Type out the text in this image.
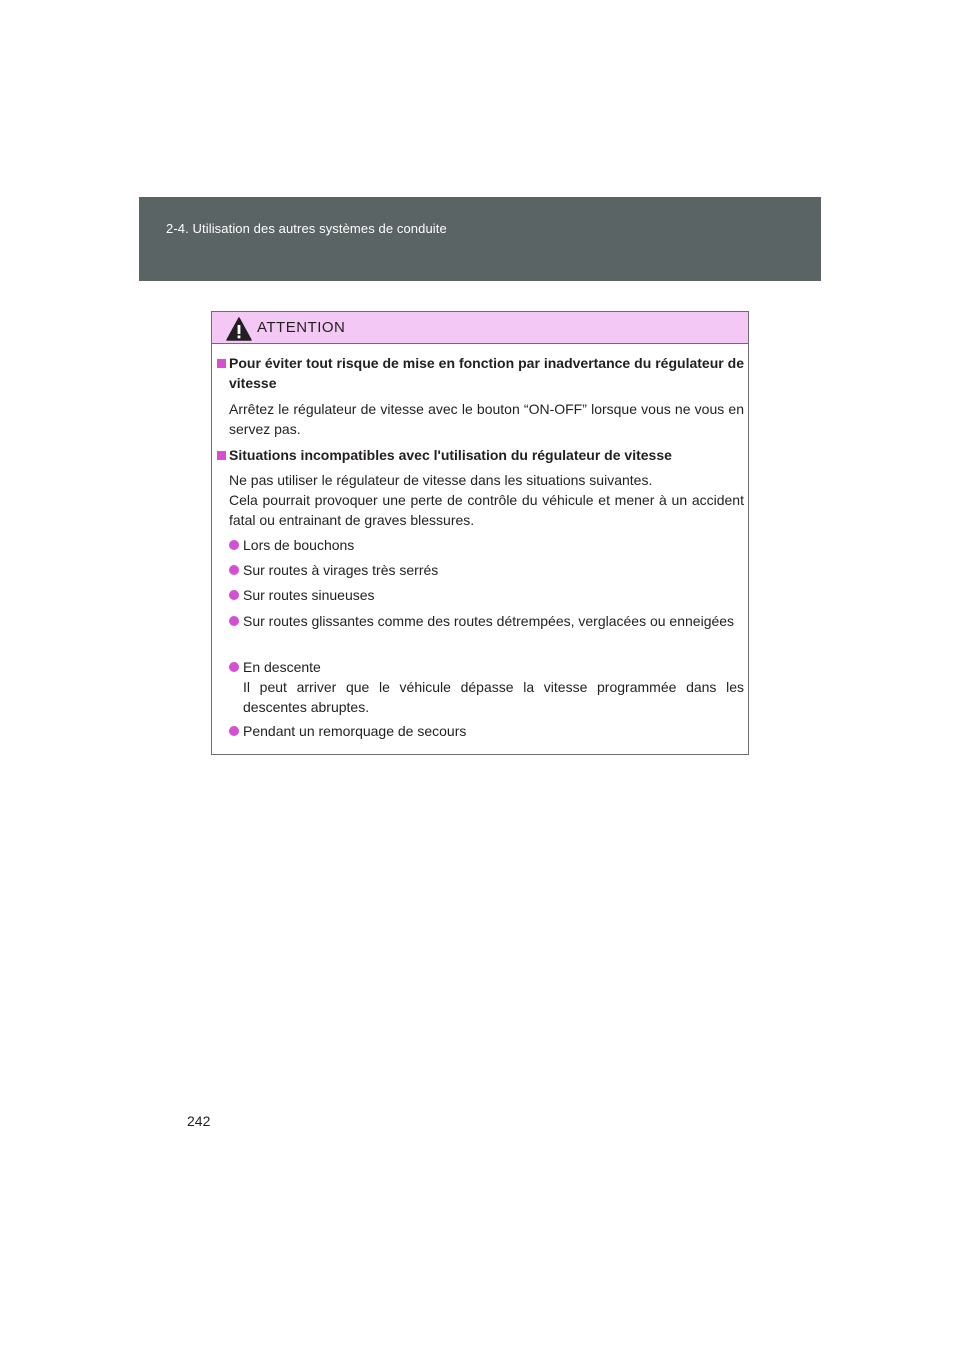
2-4. Utilisation des autres systèmes de conduite
ATTENTION
Pour éviter tout risque de mise en fonction par inadvertance du régulateur de vitesse

Arrêtez le régulateur de vitesse avec le bouton “ON-OFF” lorsque vous ne vous en servez pas.

Situations incompatibles avec l'utilisation du régulateur de vitesse

Ne pas utiliser le régulateur de vitesse dans les situations suivantes.

Cela pourrait provoquer une perte de contrôle du véhicule et mener à un accident fatal ou entrainant de graves blessures.

Lors de bouchons
Sur routes à virages très serrés
Sur routes sinueuses
Sur routes glissantes comme des routes détrempées, verglacées ou enneigées
En descente
Il peut arriver que le véhicule dépasse la vitesse programmée dans les descentes abruptes.
Pendant un remorquage de secours
242
